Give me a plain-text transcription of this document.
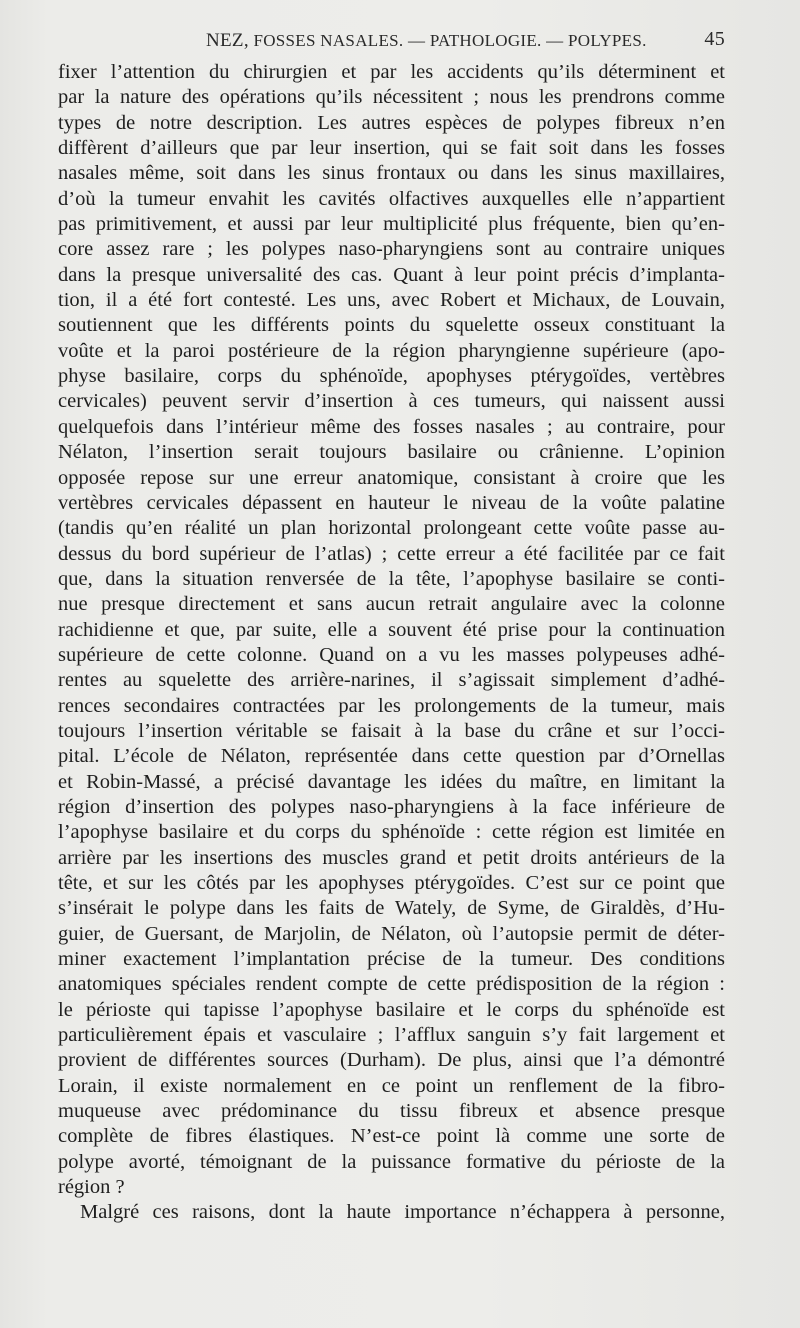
NEZ, FOSSES NASALES. — PATHOLOGIE. — POLYPES.	45
fixer l’attention du chirurgien et par les accidents qu’ils déterminent et
par la nature des opérations qu’ils nécessitent ; nous les prendrons comme
types de notre description. Les autres espèces de polypes fibreux n’en
diffèrent d’ailleurs que par leur insertion, qui se fait soit dans les fosses
nasales même, soit dans les sinus frontaux ou dans les sinus maxillaires,
d’où la tumeur envahit les cavités olfactives auxquelles elle n’appartient
pas primitivement, et aussi par leur multiplicité plus fréquente, bien qu’en-
core assez rare ; les polypes naso-pharyngiens sont au contraire uniques
dans la presque universalité des cas. Quant à leur point précis d’implanta-
tion, il a été fort contesté. Les uns, avec Robert et Michaux, de Louvain,
soutiennent que les différents points du squelette osseux constituant la
voûte et la paroi postérieure de la région pharyngienne supérieure (apo-
physe basilaire, corps du sphénoïde, apophyses ptérygoïdes, vertèbres
cervicales) peuvent servir d’insertion à ces tumeurs, qui naissent aussi
quelquefois dans l’intérieur même des fosses nasales ; au contraire, pour
Nélaton, l’insertion serait toujours basilaire ou crânienne. L’opinion
opposée repose sur une erreur anatomique, consistant à croire que les
vertèbres cervicales dépassent en hauteur le niveau de la voûte palatine
(tandis qu’en réalité un plan horizontal prolongeant cette voûte passe au-
dessus du bord supérieur de l’atlas) ; cette erreur a été facilitée par ce fait
que, dans la situation renversée de la tête, l’apophyse basilaire se conti-
nue presque directement et sans aucun retrait angulaire avec la colonne
rachidienne et que, par suite, elle a souvent été prise pour la continuation
supérieure de cette colonne. Quand on a vu les masses polypeuses adhé-
rentes au squelette des arrière-narines, il s’agissait simplement d’adhé-
rences secondaires contractées par les prolongements de la tumeur, mais
toujours l’insertion véritable se faisait à la base du crâne et sur l’occi-
pital. L’école de Nélaton, représentée dans cette question par d’Ornellas
et Robin-Massé, a précisé davantage les idées du maître, en limitant la
région d’insertion des polypes naso-pharyngiens à la face inférieure de
l’apophyse basilaire et du corps du sphénoïde : cette région est limitée en
arrière par les insertions des muscles grand et petit droits antérieurs de la
tête, et sur les côtés par les apophyses ptérygoïdes. C’est sur ce point que
s’insérait le polype dans les faits de Wately, de Syme, de Giraldès, d’Hu-
guier, de Guersant, de Marjolin, de Nélaton, où l’autopsie permit de déter-
miner exactement l’implantation précise de la tumeur. Des conditions
anatomiques spéciales rendent compte de cette prédisposition de la région :
le périoste qui tapisse l’apophyse basilaire et le corps du sphénoïde est
particulièrement épais et vasculaire ; l’afflux sanguin s’y fait largement et
provient de différentes sources (Durham). De plus, ainsi que l’a démontré
Lorain, il existe normalement en ce point un renflement de la fibro-
muqueuse avec prédominance du tissu fibreux et absence presque
complète de fibres élastiques. N’est-ce point là comme une sorte de
polype avorté, témoignant de la puissance formative du périoste de la
région ?
Malgré ces raisons, dont la haute importance n’échappera à personne,
